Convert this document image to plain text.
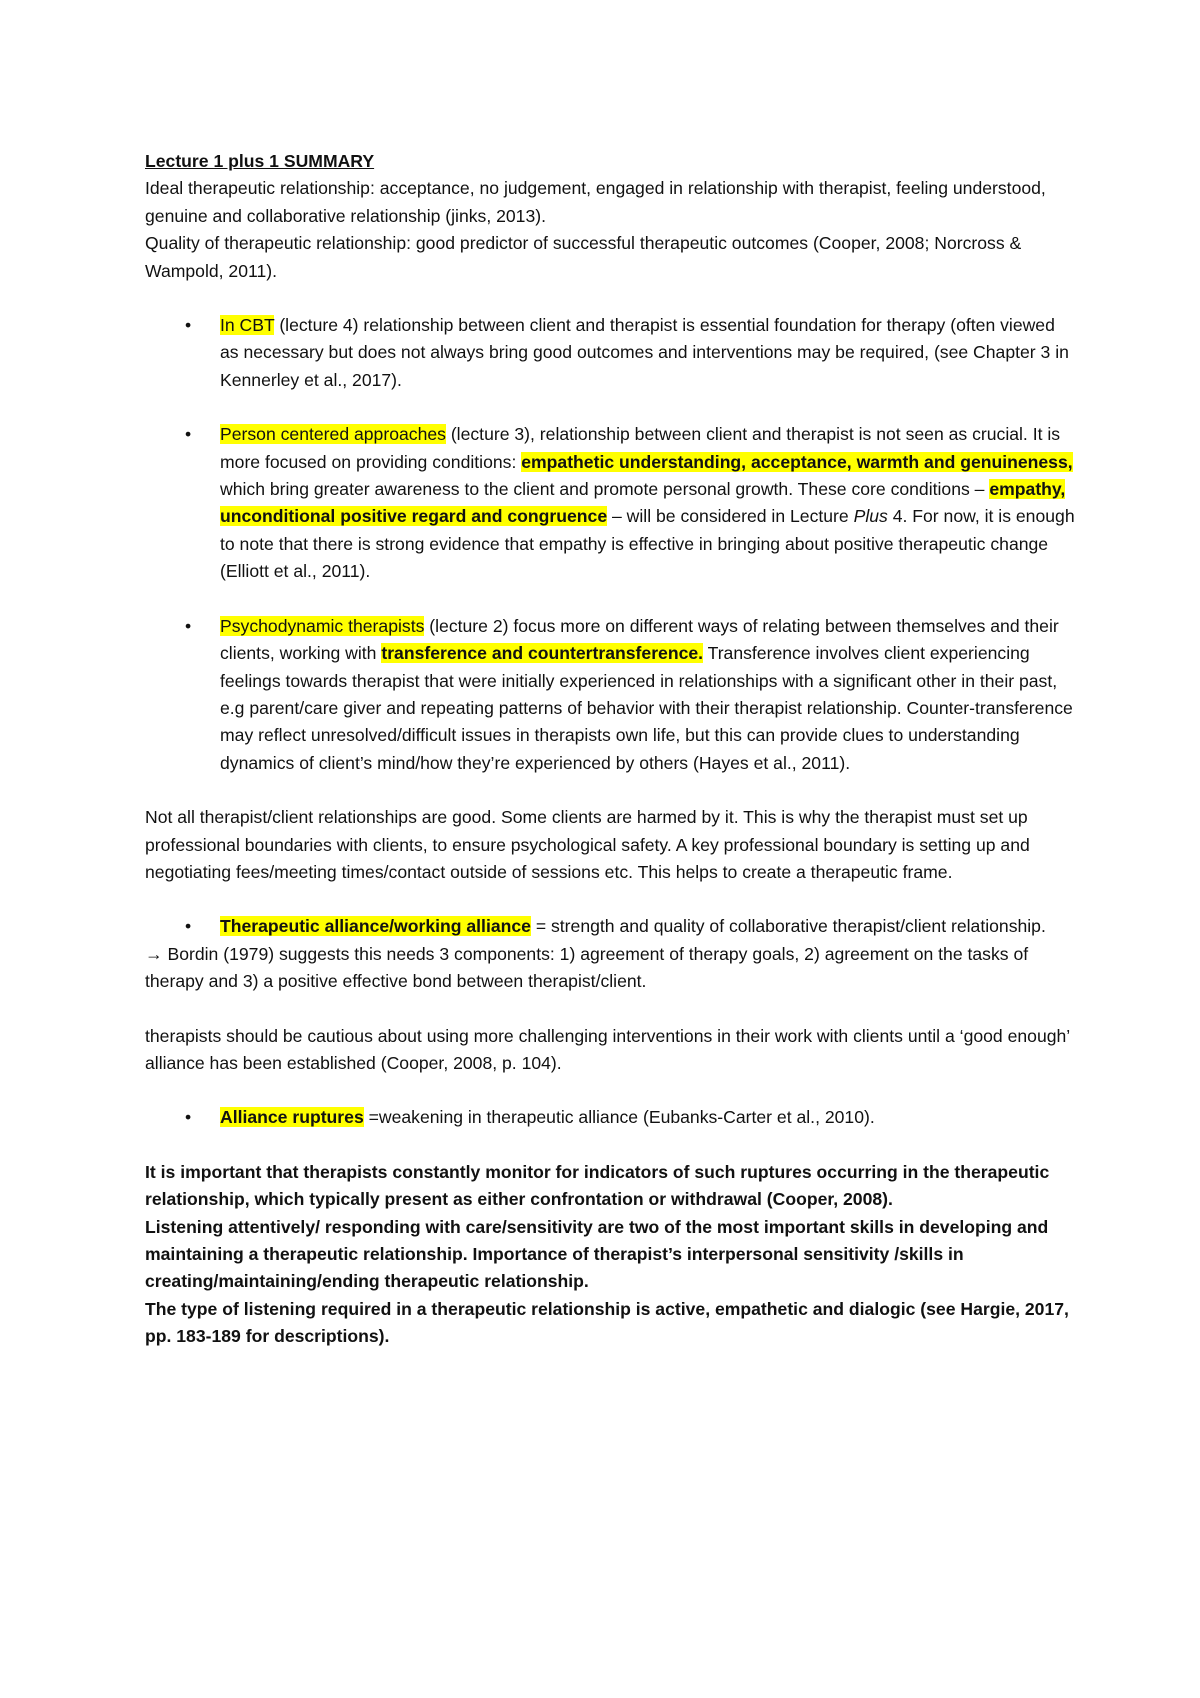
Lecture 1 plus 1 SUMMARY

Ideal therapeutic relationship: acceptance, no judgement, engaged in relationship with therapist, feeling understood, genuine and collaborative relationship (jinks, 2013).

Quality of therapeutic relationship: good predictor of successful therapeutic outcomes (Cooper, 2008; Norcross & Wampold, 2011).

• In CBT (lecture 4) relationship between client and therapist is essential foundation for therapy (often viewed as necessary but does not always bring good outcomes and interventions may be required, (see Chapter 3 in Kennerley et al., 2017).

• Person centered approaches (lecture 3), relationship between client and therapist is not seen as crucial. It is more focused on providing conditions: empathetic understanding, acceptance, warmth and genuineness, which bring greater awareness to the client and promote personal growth. These core conditions – empathy, unconditional positive regard and congruence – will be considered in Lecture Plus 4. For now, it is enough to note that there is strong evidence that empathy is effective in bringing about positive therapeutic change (Elliott et al., 2011).

• Psychodynamic therapists (lecture 2) focus more on different ways of relating between themselves and their clients, working with transference and countertransference. Transference involves client experiencing feelings towards therapist that were initially experienced in relationships with a significant other in their past, e.g parent/care giver and repeating patterns of behavior with their therapist relationship. Counter-transference may reflect unresolved/difficult issues in therapists own life, but this can provide clues to understanding dynamics of client’s mind/how they’re experienced by others (Hayes et al., 2011).

Not all therapist/client relationships are good. Some clients are harmed by it. This is why the therapist must set up professional boundaries with clients, to ensure psychological safety. A key professional boundary is setting up and negotiating fees/meeting times/contact outside of sessions etc. This helps to create a therapeutic frame.

• Therapeutic alliance/working alliance = strength and quality of collaborative therapist/client relationship.

→ Bordin (1979) suggests this needs 3 components: 1) agreement of therapy goals, 2) agreement on the tasks of therapy and 3) a positive effective bond between therapist/client.

therapists should be cautious about using more challenging interventions in their work with clients until a ‘good enough’ alliance has been established (Cooper, 2008, p. 104).

• Alliance ruptures =weakening in therapeutic alliance (Eubanks-Carter et al., 2010).

It is important that therapists constantly monitor for indicators of such ruptures occurring in the therapeutic relationship, which typically present as either confrontation or withdrawal (Cooper, 2008).

Listening attentively/ responding with care/sensitivity are two of the most important skills in developing and maintaining a therapeutic relationship. Importance of therapist’s interpersonal sensitivity /skills in creating/maintaining/ending therapeutic relationship.

The type of listening required in a therapeutic relationship is active, empathetic and dialogic (see Hargie, 2017, pp. 183-189 for descriptions).
